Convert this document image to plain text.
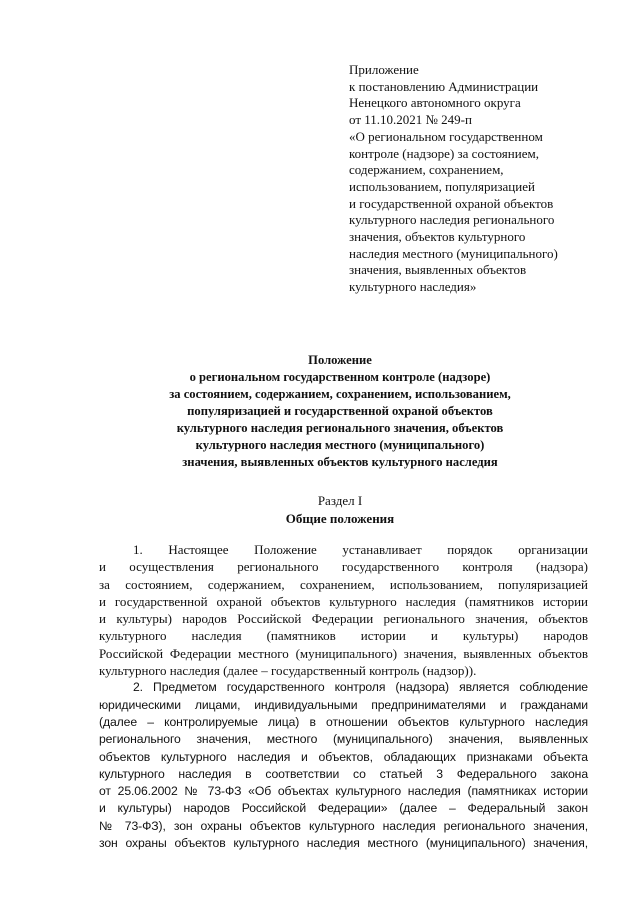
Приложение
к постановлению Администрации
Ненецкого автономного округа
от 11.10.2021 № 249-п
«О региональном государственном
контроле (надзоре) за состоянием,
содержанием, сохранением,
использованием, популяризацией
и государственной охраной объектов
культурного наследия регионального
значения, объектов культурного
наследия местного (муниципального)
значения, выявленных объектов
культурного наследия»
Положение
о региональном государственном контроле (надзоре)
за состоянием, содержанием, сохранением, использованием,
популяризацией и государственной охраной объектов
культурного наследия регионального значения, объектов
культурного наследия местного (муниципального)
значения, выявленных объектов культурного наследия
Раздел I
Общие положения
1. Настоящее Положение устанавливает порядок организации
и осуществления регионального государственного контроля (надзора)
за состоянием, содержанием, сохранением, использованием, популяризацией
и государственной охраной объектов культурного наследия (памятников истории
и культуры) народов Российской Федерации регионального значения, объектов
культурного наследия (памятников истории и культуры) народов
Российской Федерации местного (муниципального) значения, выявленных объектов
культурного наследия (далее – государственный контроль (надзор)).
2. Предметом государственного контроля (надзора) является соблюдение
юридическими лицами, индивидуальными предпринимателями и гражданами
(далее – контролируемые лица) в отношении объектов культурного наследия
регионального значения, местного (муниципального) значения, выявленных
объектов культурного наследия и объектов, обладающих признаками объекта
культурного наследия в соответствии со статьей 3 Федерального закона
от 25.06.2002 № 73-ФЗ «Об объектах культурного наследия (памятниках истории
и культуры) народов Российской Федерации» (далее – Федеральный закон
№ 73-ФЗ), зон охраны объектов культурного наследия регионального значения,
зон охраны объектов культурного наследия местного (муниципального) значения,
